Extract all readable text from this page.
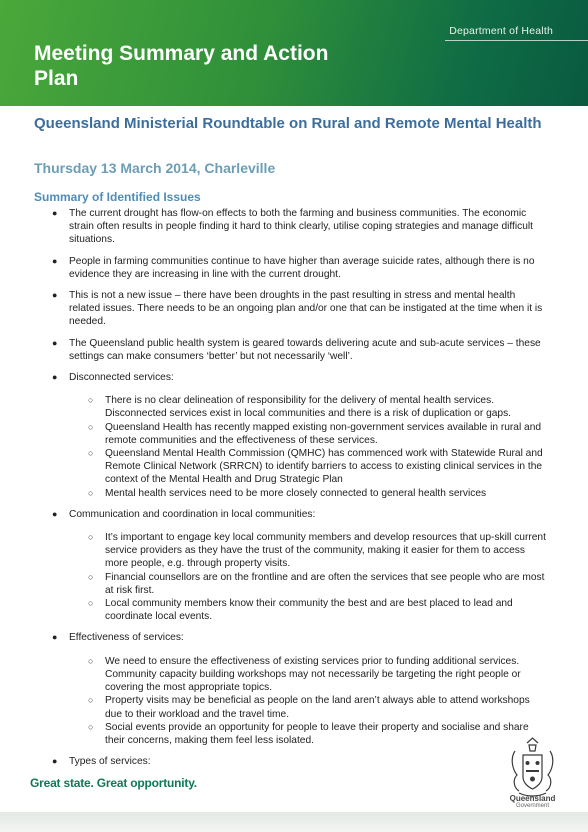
Department of Health
Meeting Summary and Action Plan
Queensland Ministerial Roundtable on Rural and Remote Mental Health
Thursday 13 March 2014, Charleville
Summary of Identified Issues
● The current drought has flow-on effects to both the farming and business communities. The economic strain often results in people finding it hard to think clearly, utilise coping strategies and manage difficult situations.
● People in farming communities continue to have higher than average suicide rates, although there is no evidence they are increasing in line with the current drought.
● This is not a new issue – there have been droughts in the past resulting in stress and mental health related issues. There needs to be an ongoing plan and/or one that can be instigated at the time when it is needed.
● The Queensland public health system is geared towards delivering acute and sub-acute services – these settings can make consumers ‘better’ but not necessarily ‘well’.
● Disconnected services:
○ There is no clear delineation of responsibility for the delivery of mental health services. Disconnected services exist in local communities and there is a risk of duplication or gaps.
○ Queensland Health has recently mapped existing non-government services available in rural and remote communities and the effectiveness of these services.
○ Queensland Mental Health Commission (QMHC) has commenced work with Statewide Rural and Remote Clinical Network (SRRCN) to identify barriers to access to existing clinical services in the context of the Mental Health and Drug Strategic Plan
○ Mental health services need to be more closely connected to general health services
● Communication and coordination in local communities:
○ It’s important to engage key local community members and develop resources that up-skill current service providers as they have the trust of the community, making it easier for them to access more people, e.g. through property visits.
○ Financial counsellors are on the frontline and are often the services that see people who are most at risk first.
○ Local community members know their community the best and are best placed to lead and coordinate local events.
● Effectiveness of services:
○ We need to ensure the effectiveness of existing services prior to funding additional services. Community capacity building workshops may not necessarily be targeting the right people or covering the most appropriate topics.
○ Property visits may be beneficial as people on the land aren’t always able to attend workshops due to their workload and the travel time.
○ Social events provide an opportunity for people to leave their property and socialise and share their concerns, making them feel less isolated.
● Types of services:
Great state. Great opportunity.
Queensland
Government
